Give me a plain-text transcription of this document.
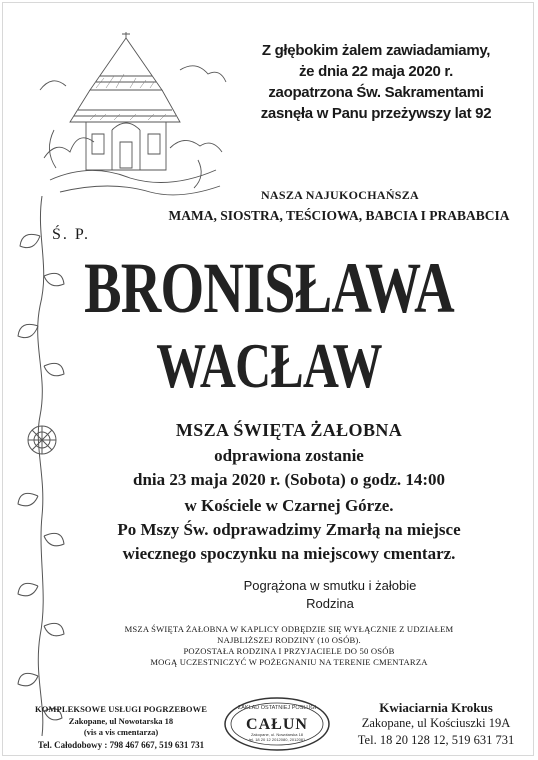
Z głębokim żalem zawiadamiamy,
że dnia 22 maja 2020 r.
zaopatrzona Św. Sakramentami
zasnęła w Panu przeżywszy lat 92
NASZA NAJUKOCHAŃSZA
MAMA, SIOSTRA, TEŚCIOWA, BABCIA I PRABABCIA
Ś. P.
BRONISŁAWA
WACŁAW
MSZA ŚWIĘTA ŻAŁOBNA
odprawiona zostanie
dnia 23 maja 2020 r. (Sobota) o godz. 14:00
w Kościele w Czarnej Górze.
Po Mszy Św. odprawadzimy Zmarłą na miejsce
wiecznego spoczynku na miejscowy cmentarz.
Pogrążona w smutku i żałobie
Rodzina
MSZA ŚWIĘTA ŻAŁOBNA W KAPLICY ODBĘDZIE SIĘ WYŁĄCZNIE Z UDZIAŁEM
NAJBLIŻSZEJ RODZINY (10 OSÓB).
POZOSTAŁA RODZINA I PRZYJACIELE DO 50 OSÓB
MOGĄ UCZESTNICZYĆ W POŻEGNANIU NA TERENIE CMENTARZA
KOMPLEKSOWE USŁUGI POGRZEBOWE
Zakopane, ul Nowotarska 18
(vis a vis cmentarza)
Tel. Całodobowy : 798 467 667, 519 631 731
ZAKŁAD OSTATNIEJ POSŁUGI
CAŁUN
Zakopane, ul. Nowotarska 18
tel. 18 20 12 2012080, 2012081
Kwiaciarnia Krokus
Zakopane, ul Kościuszki 19A
Tel. 18 20 128 12, 519 631 731
